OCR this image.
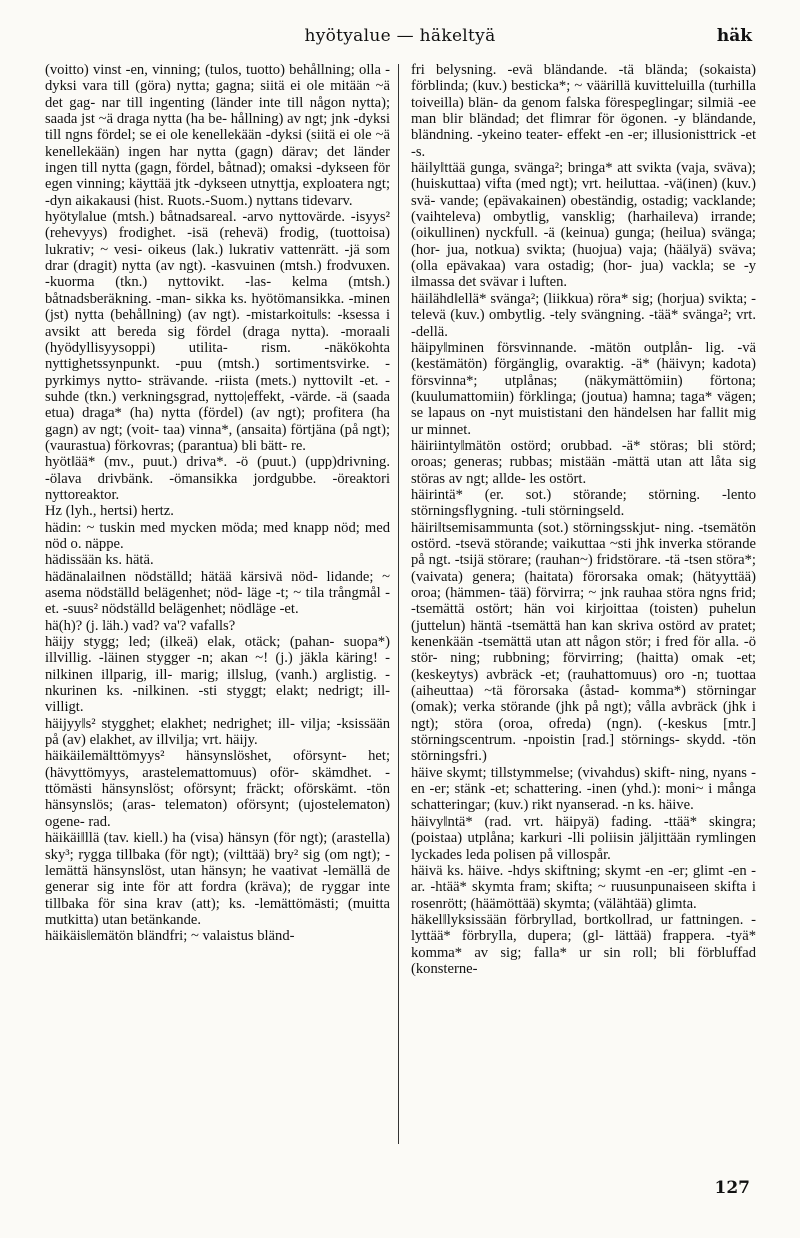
hyötyalue — häkeltyä	häk

(voitto) vinst -en, vinning; (tulos, tuotto) behållning; olla -dyksi vara till (göra) nytta; gagna; siitä ei ole mitään ~ä det gag- nar till ingenting (länder inte till någon nytta); saada jst ~ä draga nytta (ha be- hållning) av ngt; jnk -dyksi till ngns fördel; se ei ole kenellekään -dyksi (siitä ei ole ~ä kenellekään) ingen har nytta (gagn) därav; det länder ingen till nytta (gagn, fördel, båtnad); omaksi -dykseen för egen vinning; käyttää jtk -dykseen utnyttja, exploatera ngt; -dyn aikakausi (hist. Ruots.-Suom.) nyttans tidevarv.

hyöty‖alue (mtsh.) båtnadsareal. -arvo nyttovärde. -isyys² (rehevyys) frodighet. -isä (rehevä) frodig, (tuottoisa) lukrativ; ~ vesi- oikeus (lak.) lukrativ vattenrätt. -jä som drar (dragit) nytta (av ngt). -kasvuinen (mtsh.) frodvuxen. -kuorma (tkn.) nyttovikt. -las- kelma (mtsh.) båtnadsberäkning. -man- sikka ks. hyötömansikka. -minen (jst) nytta (behållning) (av ngt). -mistarkoitu‖s: -ksessa i avsikt att bereda sig fördel (draga nytta). -moraali (hyödyllisyysoppi) utilita- rism. -näkökohta nyttighetssynpunkt. -puu (mtsh.) sortimentsvirke. -pyrkimys nytto- strävande. -riista (mets.) nyttovilt -et. -suhde (tkn.) verkningsgrad, nytto|effekt, -värde. -ä (saada etua) draga* (ha) nytta (fördel) (av ngt); profitera (ha gagn) av ngt; (voit- taa) vinna*, (ansaita) förtjäna (på ngt); (vaurastua) förkovras; (parantua) bli bätt- re.

hyöt‖ää* (mv., puut.) driva*. -ö (puut.) (upp)drivning. -ölava drivbänk. -ömansikka jordgubbe. -öreaktori nyttoreaktor.

Hz (lyh., hertsi) hertz.

hädin: ~ tuskin med mycken möda; med knapp nöd; med nöd o. näppe.

hädissään ks. hätä.

hädänalai‖nen nödställd; hätää kärsivä nöd- lidande; ~ asema nödställd belägenhet; nöd- läge -t; ~ tila trångmål -et. -suus² nödställd belägenhet; nödläge -et.

hä(h)? (j. läh.) vad? va'? vafalls?

häijy stygg; led; (ilkeä) elak, otäck; (pahan- suopa*) illvillig. -läinen stygger -n; akan ~! (j.) jäkla käring! -nilkinen illparig, ill- marig; illslug, (vanh.) arglistig. -nkurinen ks. -nilkinen. -sti styggt; elakt; nedrigt; ill- villigt.

häijyy‖s² stygghet; elakhet; nedrighet; ill- vilja; -ksissään på (av) elakhet, av illvilja; vrt. häijy.

häikäilemä‖ttömyys² hänsynslöshet, oförsynt- het; (hävyttömyys, arastelemattomuus) oför- skämdhet. -ttömästi hänsynslöst; oförsynt; fräckt; oförskämt. -tön hänsynslös; (aras- telematon) oförsynt; (ujostelematon) ogene- rad.

häikäi‖llä (tav. kiell.) ha (visa) hänsyn (för ngt); (arastella) sky³; rygga tillbaka (för ngt); (vilttää) bry² sig (om ngt); -lemättä hänsynslöst, utan hänsyn; he vaativat -lemällä de generar sig inte för att fordra (kräva); de ryggar inte tillbaka för sina krav (att); ks. -lemättömästi; (muitta mutkitta) utan betänkande.

häikäis‖emätön bländfri; ~ valaistus bländ-

fri belysning. -evä bländande. -tä blända; (sokaista) förblinda; (kuv.) besticka*; ~ väärillä kuvitteluilla (turhilla toiveilla) blän- da genom falska förespeglingar; silmiä -ee man blir bländad; det flimrar för ögonen. -y bländande, bländning. -ykeino teater- effekt -en -er; illusionisttrick -et -s.

häily‖ttää gunga, svänga²; bringa* att svikta (vaja, sväva); (huiskuttaa) vifta (med ngt); vrt. heiluttaa. -vä(inen) (kuv.) svä- vande; (epävakainen) obeständig, ostadig; vacklande; (vaihteleva) ombytlig, vansklig; (harhaileva) irrande; (oikullinen) nyckfull. -ä (keinua) gunga; (heilua) svänga; (hor- jua, notkua) svikta; (huojua) vaja; (häälyä) sväva; (olla epävakaa) vara ostadig; (hor- jua) vackla; se -y ilmassa det svävar i luften.

häilähd‖ellä* svänga²; (liikkua) röra* sig; (horjua) svikta; -televä (kuv.) ombytlig. -tely svängning. -tää* svänga²; vrt. -dellä.

häipy‖minen försvinnande. -mätön outplån- lig. -vä (kestämätön) förgänglig, ovaraktig. -ä* (häivyn; kadota) försvinna*; utplånas; (näkymättömiin) förtona; (kuulumattomiin) förklinga; (joutua) hamna; taga* vägen; se lapaus on -nyt muististani den händelsen har fallit mig ur minnet.

häiriinty‖mätön ostörd; orubbad. -ä* störas; bli störd; oroas; generas; rubbas; mistään -mättä utan att låta sig störas av ngt; allde- les ostört.

häirintä* (er. sot.) störande; störning. -lento störningsflygning. -tuli störningseld.

häiri‖tsemisammunta (sot.) störningsskjut- ning. -tsemätön ostörd. -tsevä störande; vaikuttaa ~sti jhk inverka störande på ngt. -tsijä störare; (rauhan~) fridstörare. -tä -tsen störa*; (vaivata) genera; (haitata) förorsaka omak; (hätyyttää) oroa; (hämmen- tää) förvirra; ~ jnk rauhaa störa ngns frid; -tsemättä ostört; hän voi kirjoittaa (toisten) puhelun (juttelun) häntä -tsemättä han kan skriva ostörd av pratet; kenenkään -tsemättä utan att någon stör; i fred för alla. -ö stör- ning; rubbning; förvirring; (haitta) omak -et; (keskeytys) avbräck -et; (rauhattomuus) oro -n; tuottaa (aiheuttaa) ~tä förorsaka (åstad- komma*) störningar (omak); verka störande (jhk på ngt); vålla avbräck (jhk i ngt); störa (oroa, ofreda) (ngn). (-keskus [mtr.] störningscentrum. -npoistin [rad.] störnings- skydd. -tön störningsfri.)

häive skymt; tillstymmelse; (vivahdus) skift- ning, nyans -en -er; stänk -et; schattering. -inen (yhd.): moni~ i många schatteringar; (kuv.) rikt nyanserad. -n ks. häive.

häivy‖ntä* (rad. vrt. häipyä) fading. -ttää* skingra; (poistaa) utplåna; karkuri -lli poliisin jäljittään rymlingen lyckades leda polisen på villospår.

häivä ks. häive. -hdys skiftning; skymt -en -er; glimt -en -ar. -htää* skymta fram; skifta; ~ ruusunpunaiseen skifta i rosenrött; (häämöttää) skymta; (välähtää) glimta.

häkel‖lyksissään förbryllad, bortkollrad, ur fattningen. -lyttää* förbrylla, dupera; (gl- lättää) frappera. -tyä* komma* av sig; falla* ur sin roll; bli förbluffad (konsterne-

127
